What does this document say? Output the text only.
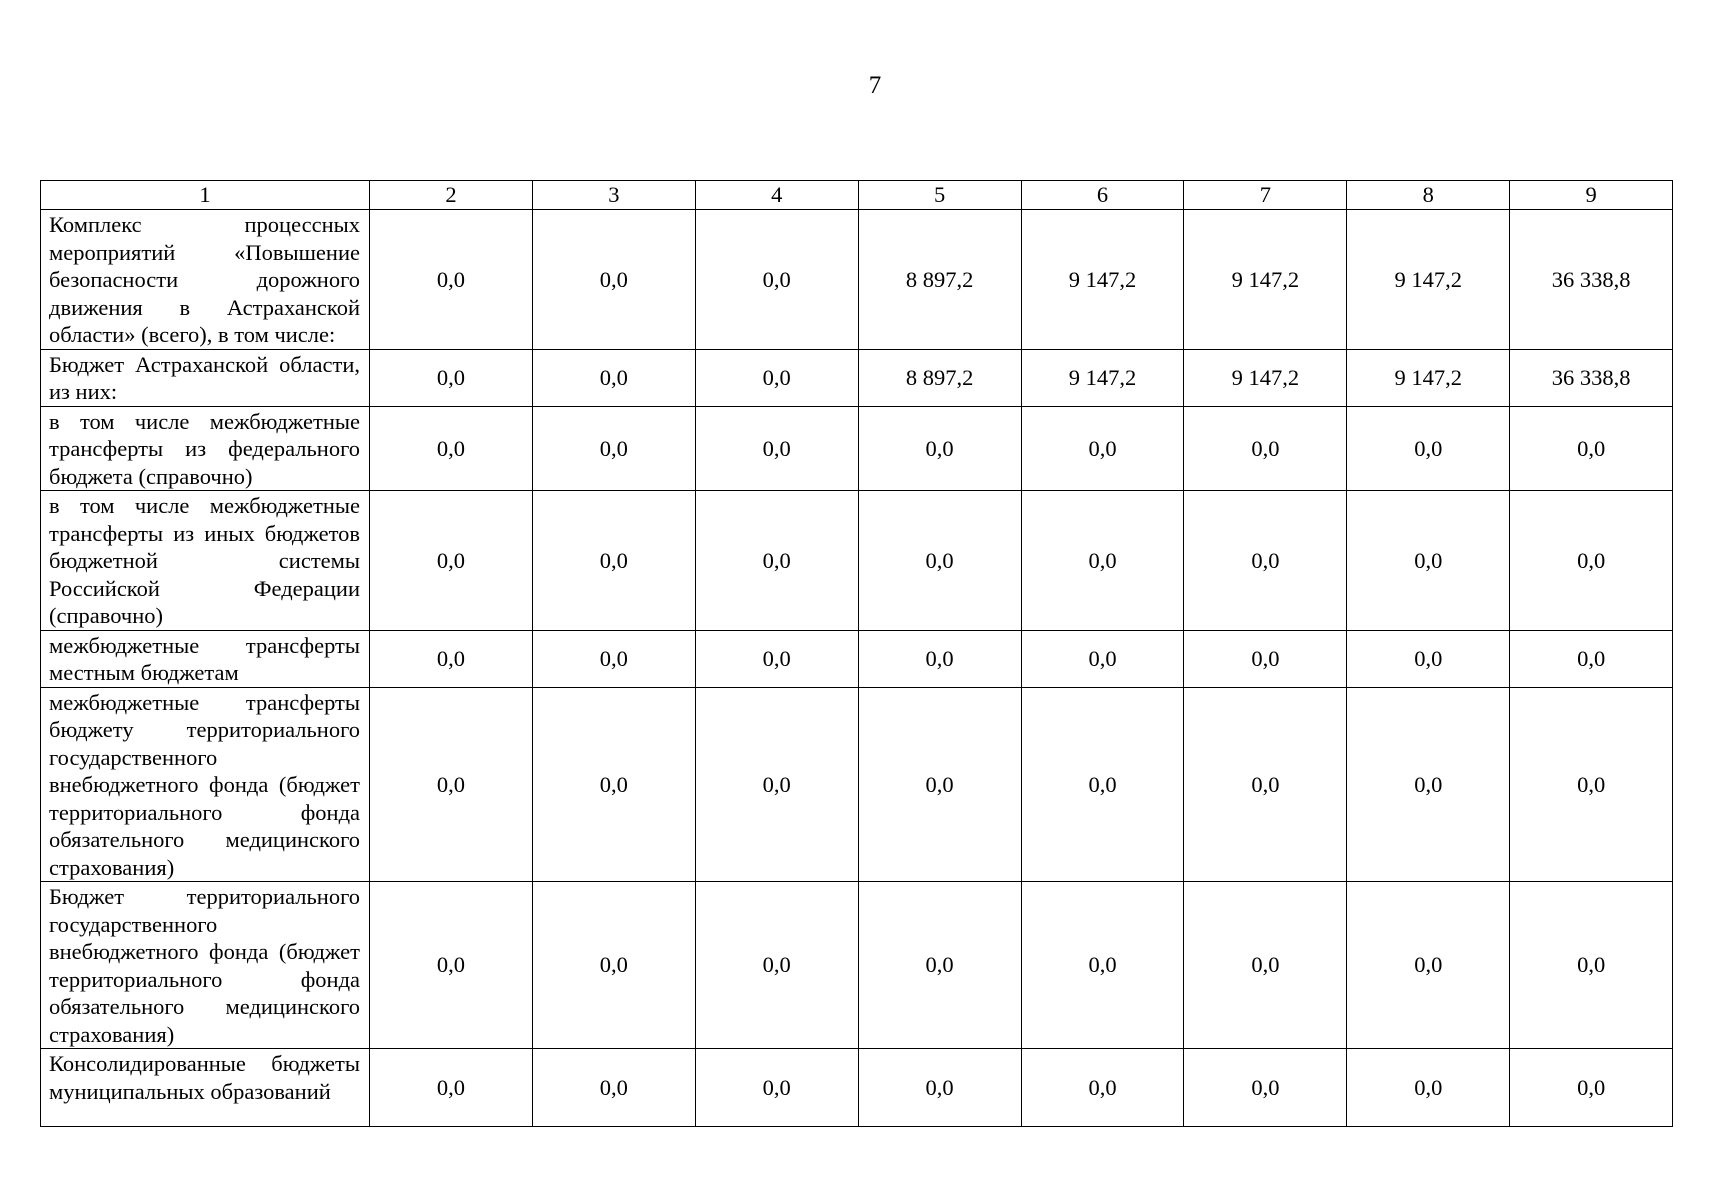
7
1	2	3	4	5	6	7	8	9
Комплекс процессных мероприятий «Повышение безопасности дорожного движения в Астраханской области» (всего), в том числе:	0,0	0,0	0,0	8 897,2	9 147,2	9 147,2	9 147,2	36 338,8
Бюджет Астраханской области, из них:	0,0	0,0	0,0	8 897,2	9 147,2	9 147,2	9 147,2	36 338,8
в том числе межбюджетные трансферты из федерального бюджета (справочно)	0,0	0,0	0,0	0,0	0,0	0,0	0,0	0,0
в том числе межбюджетные трансферты из иных бюджетов бюджетной системы Российской Федерации (справочно)	0,0	0,0	0,0	0,0	0,0	0,0	0,0	0,0
межбюджетные трансферты местным бюджетам	0,0	0,0	0,0	0,0	0,0	0,0	0,0	0,0
межбюджетные трансферты бюджету территориального государственного внебюджетного фонда (бюджет территориального фонда обязательного медицинского страхования)	0,0	0,0	0,0	0,0	0,0	0,0	0,0	0,0
Бюджет территориального государственного внебюджетного фонда (бюджет территориального фонда обязательного медицинского страхования)	0,0	0,0	0,0	0,0	0,0	0,0	0,0	0,0
Консолидированные бюджеты муниципальных образований	0,0	0,0	0,0	0,0	0,0	0,0	0,0	0,0
